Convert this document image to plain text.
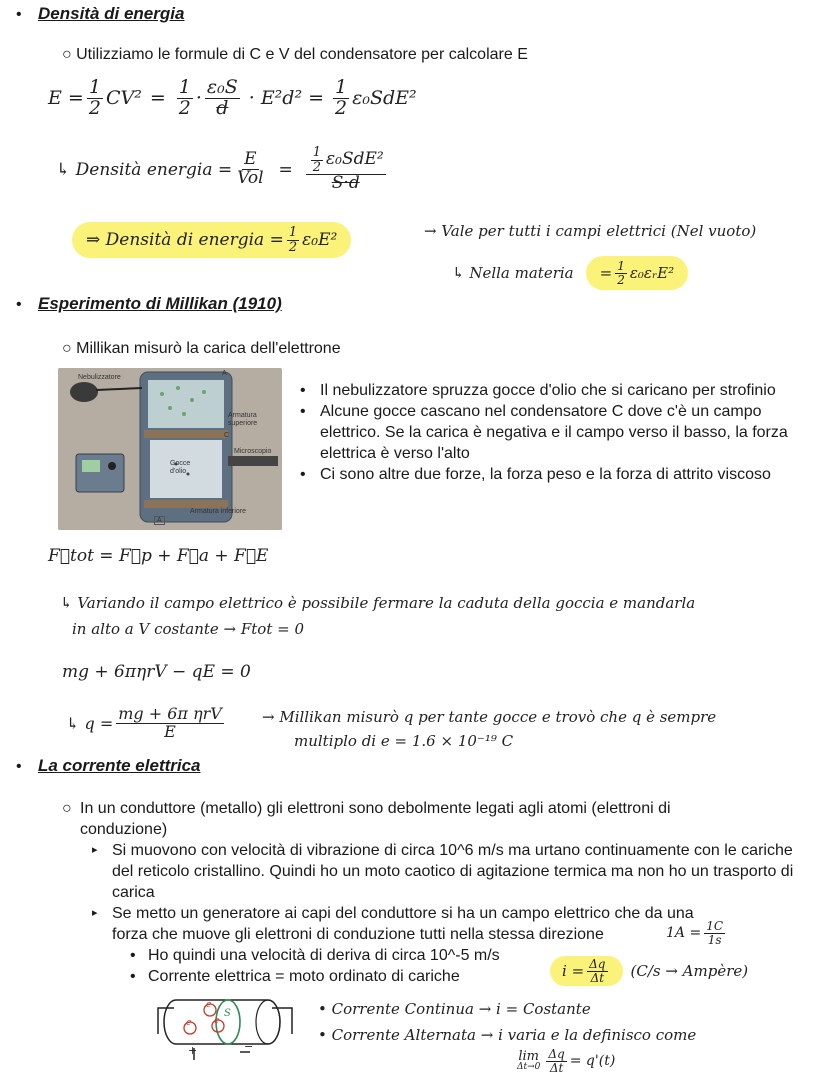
• Densità di energia
○ Utilizziamo le formule di C e V del condensatore per calcolare E
$E = \frac{1}{2} CV^2 = \frac{1}{2} \cdot \frac{\text{ε₀S}}{d} \cdot E^2d^2 = \frac{1}{2} \varepsilon_0SdE^2$
↳ Densità energia = $\frac{E}{\text{Vol}} = \frac{\frac{1}{2} \varepsilon_0SdE^2}{S\cdot d}$
⇒ Densità di energia = $\frac{1}{2} \varepsilon_0E^2$	→ Vale per tutti i campi elettrici (Nel vuoto)
↳ Nella materia	= $\frac{1}{2}$ ε₀εᵣE²
• Esperimento di Millikan (1910)
○ Millikan misurò la carica dell'elettrone
Nebulizzatore
A
Armatura superiore
C
Microscopio
Gocce d'olio
Armatura inferiore
A
• Il nebulizzatore spruzza gocce d'olio che si caricano per strofinio
• Alcune gocce cascano nel condensatore C dove c'è un campo elettrico. Se la carica è negativa e il campo verso il basso, la forza elettrica è verso l'alto
• Ci sono altre due forze, la forza peso e la forza di attrito viscoso
F⃗tot = F⃗p + F⃗a + F⃗E
↳ Variando il campo elettrico è possibile fermare la caduta della goccia e mandarla
in alto a V costante → Ftot = 0
mg + 6πηrV − qE = 0
↳ $q = \frac{\text{mg + 6π ηrV}}{E}$	→ Millikan misurò q per tante gocce e trovò che q è sempre
multiplo di e = 1.6 × 10⁻¹⁹ C
• La corrente elettrica
○ In un conduttore (metallo) gli elettroni sono debolmente legati agli atomi (elettroni di conduzione)
▸ Si muovono con velocità di vibrazione di circa 10^6 m/s ma urtano continuamente con le cariche del reticolo cristallino. Quindi ho un moto caotico di agitazione termica ma non ho un trasporto di carica
▸ Se metto un generatore ai capi del conduttore si ha un campo elettrico che da una forza che muove gli elettroni di conduzione tutti nella stessa direzione	$1A = \frac{1C}{1s}$
• Ho quindi una velocità di deriva di circa 10^-5 m/s
• Corrente elettrica = moto ordinato di cariche	$i = \frac{\Delta q}{\Delta t} (C/s$ → Ampère)
e
e
e
S
+	−
• Corrente Continua → i = Costante
• Corrente Alternata → i varia e la definisco come
lim
$\Delta t\to 0 \frac{\Delta q}{\Delta t} = q'(t)$
